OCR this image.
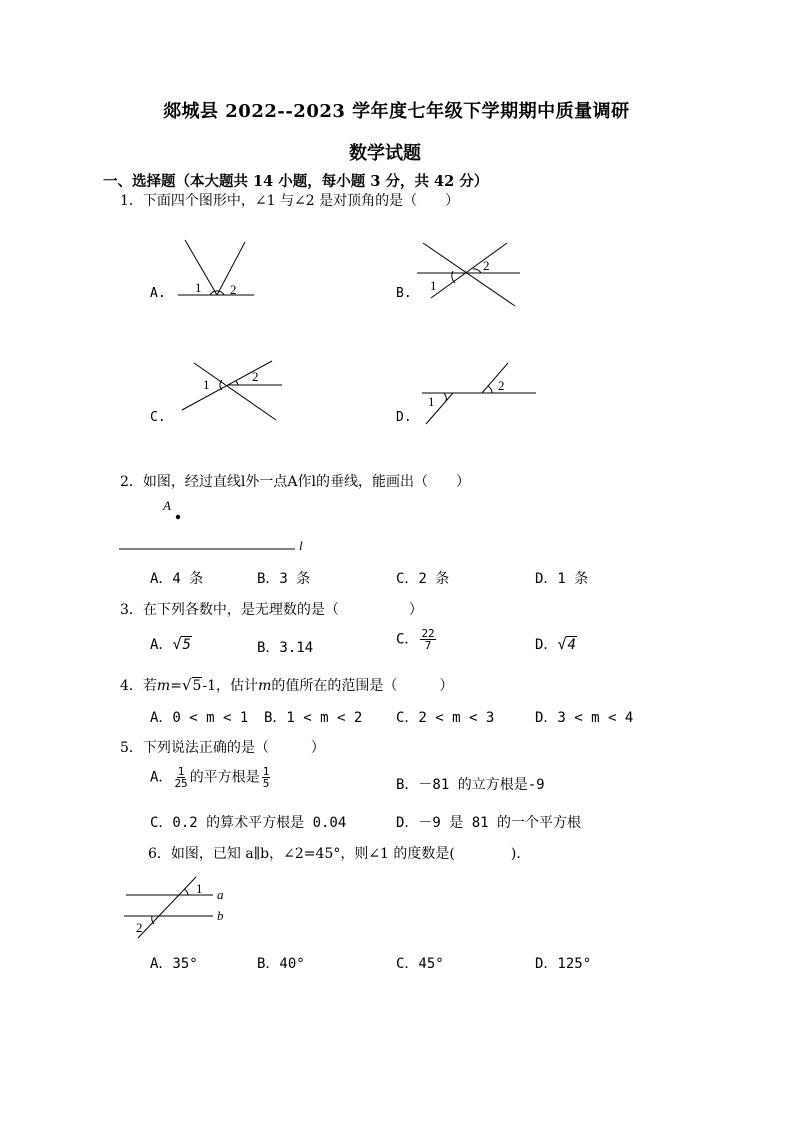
郯城县 2022--2023 学年度七年级下学期期中质量调研
数学试题
一、选择题（本大题共 14 小题，每小题 3 分，共 42 分）
1．下面四个图形中，∠1 与∠2 是对顶角的是（　　）
A. 1 2	B.
1
2
C.
1
2
D.
1
2
2．如图，经过直线l外一点A作l的垂线，能画出（　　）
A
l
A．4 条	B．3 条	C．2 条	D．1 条
3．在下列各数中，是无理数的是（　　　　　）
A． √ 5	B．3.14
C． $\frac{22}{7}$	D． √ 4
4．若m= √ 5 -1，估计m的值所在的范围是（　　　）
A．0 < m < 1 B．1 < m < 2 C．2 < m < 3	D．3 < m < 4
5．下列说法正确的是（　　　）
A． $\frac{1}{25}$ 的平方根是 $\frac{1}{5}$	B．－81 的立方根是-9
C．0.2 的算术平方根是 0.04	D．－9 是 81 的一个平方根
6．如图，已知 a∥b，∠2=45°，则∠1 的度数是(　　　　).
1
2
a
b
A．35°	B．40°	C．45°	D．125°
